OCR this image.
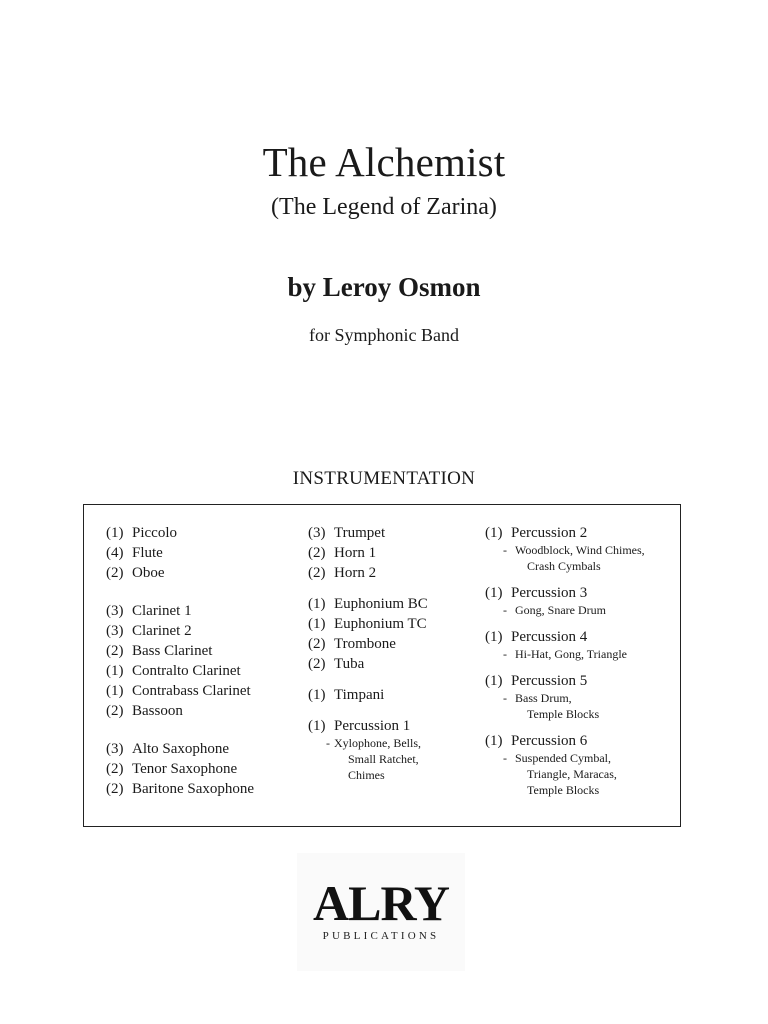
The Alchemist
(The Legend of Zarina)
by Leroy Osmon
for Symphonic Band
INSTRUMENTATION
(1) Piccolo
(4) Flute
(2) Oboe
(3) Clarinet 1
(3) Clarinet 2
(2) Bass Clarinet
(1) Contralto Clarinet
(1) Contrabass Clarinet
(2) Bassoon
(3) Alto Saxophone
(2) Tenor Saxophone
(2) Baritone Saxophone
(3) Trumpet
(2) Horn 1
(2) Horn 2
(1) Euphonium BC
(1) Euphonium TC
(2) Trombone
(2) Tuba
(1) Timpani
(1) Percussion 1
- Xylophone, Bells,
Small Ratchet,
Chimes
(1) Percussion 2
- Woodblock, Wind Chimes,
Crash Cymbals
(1) Percussion 3
- Gong, Snare Drum
(1) Percussion 4
- Hi-Hat, Gong, Triangle
(1) Percussion 5
- Bass Drum,
Temple Blocks
(1) Percussion 6
- Suspended Cymbal,
Triangle, Maracas,
Temple Blocks
ALRY
PUBLICATIONS
